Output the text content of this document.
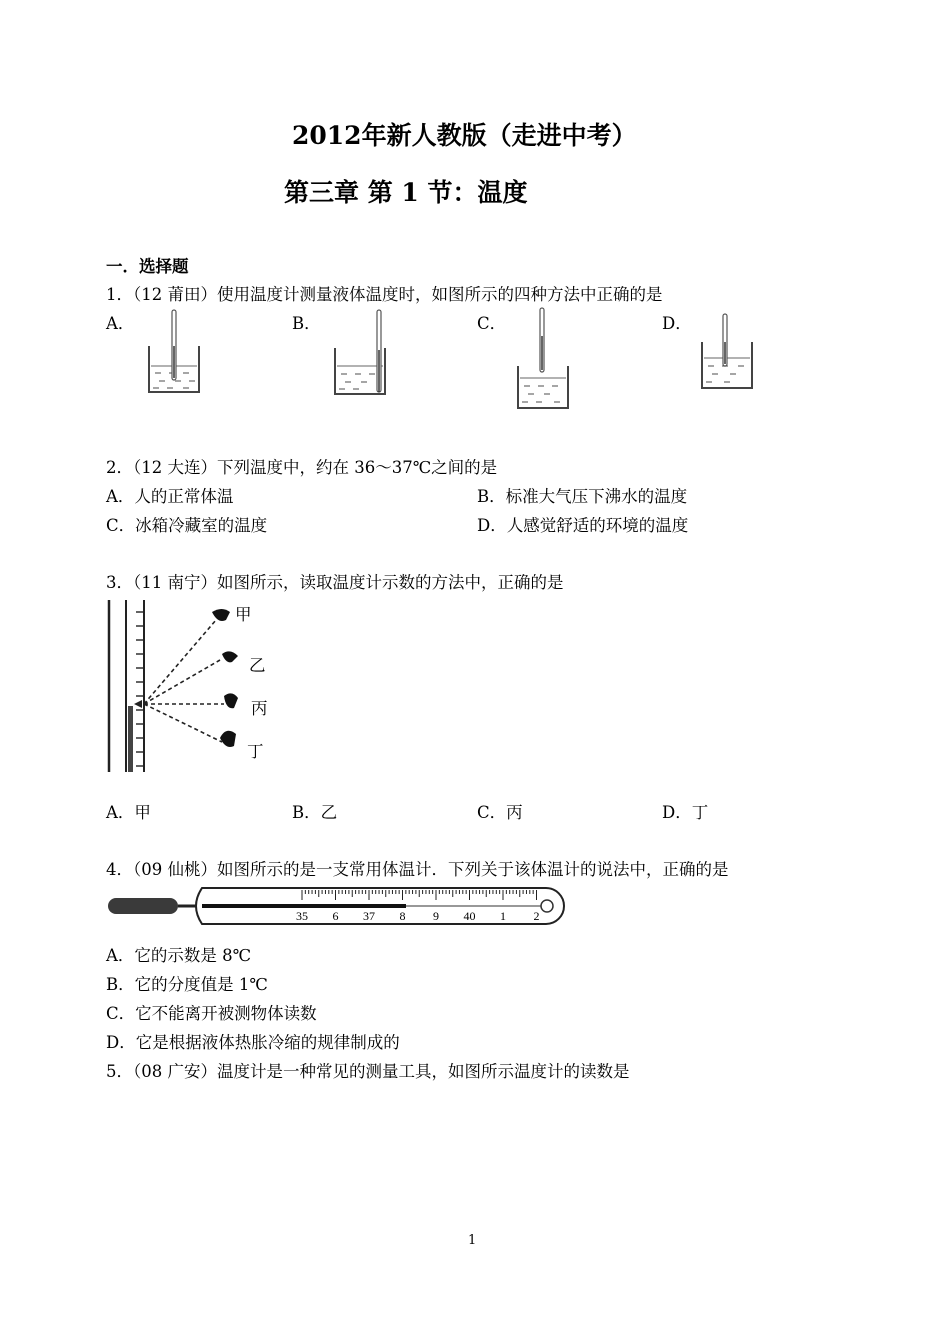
2012年新人教版（走进中考）
第三章 第 1 节：温度
一．选择题
1．（12 莆田）使用温度计测量液体温度时，如图所示的四种方法中正确的是
A．	B．	C．	D．
2．（12 大连）下列温度中，约在 36～37℃之间的是
A．人的正常体温	B．标准大气压下沸水的温度
C．冰箱冷藏室的温度	D．人感觉舒适的环境的温度
3．（11 南宁）如图所示，读取温度计示数的方法中，正确的是
甲
乙
丙
丁
A．甲	B．乙	C．丙	D．丁
4．（09 仙桃）如图所示的是一支常用体温计．下列关于该体温计的说法中，正确的是
35 6 37 8 9 40 1 2
A．它的示数是 8℃
B．它的分度值是 1℃
C．它不能离开被测物体读数
D．它是根据液体热胀冷缩的规律制成的
5．（08 广安）温度计是一种常见的测量工具，如图所示温度计的读数是
1
